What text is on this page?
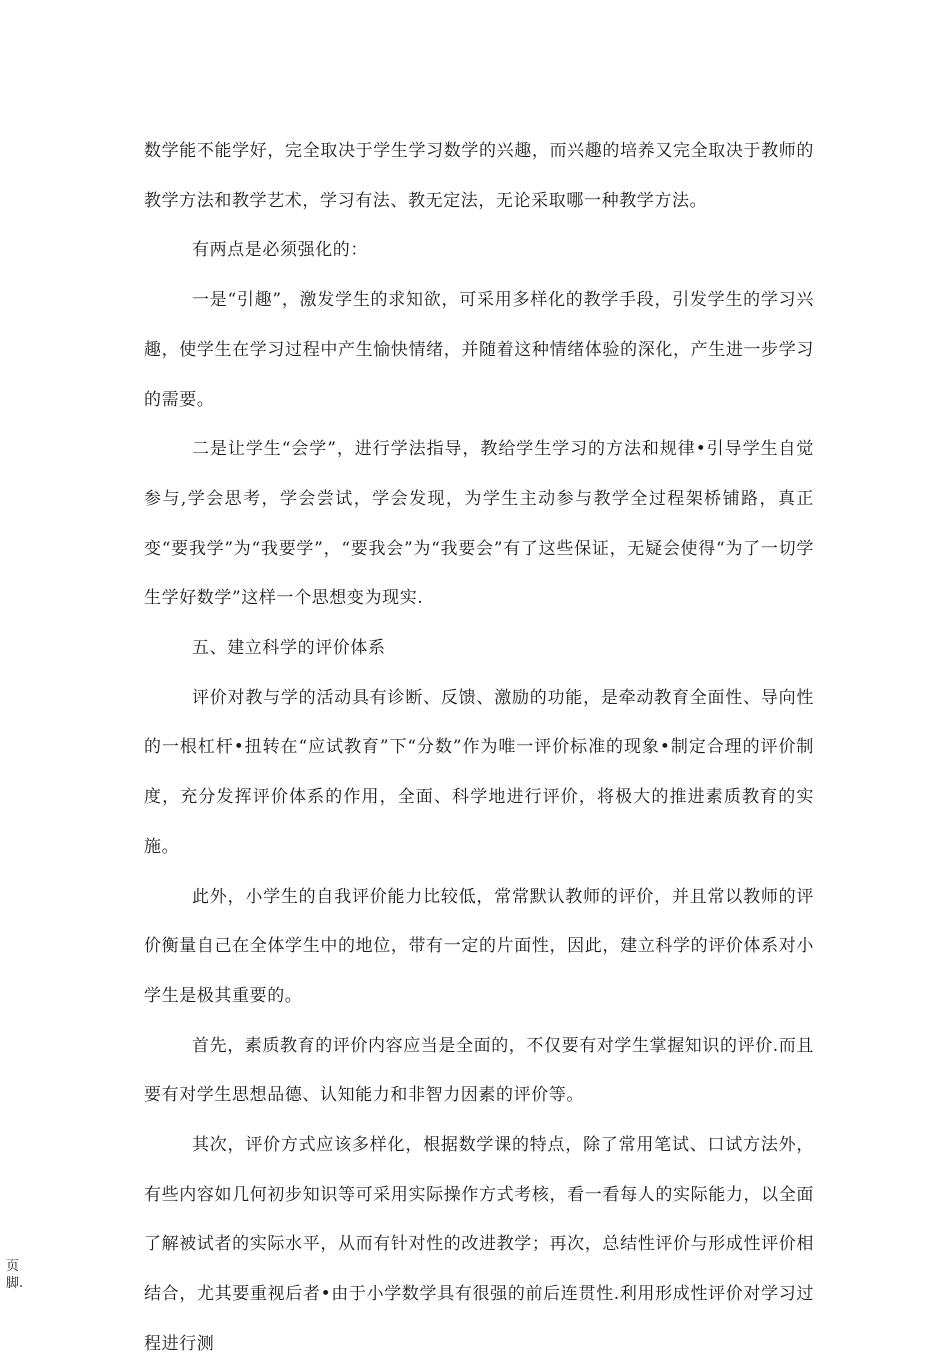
数学能不能学好，完全取决于学生学习数学的兴趣，而兴趣的培养又完全取决于教师的教学方法和教学艺术，学习有法、教无定法，无论采取哪一种教学方法。

有两点是必须强化的：

一是“引趣”，激发学生的求知欲，可采用多样化的教学手段，引发学生的学习兴趣，使学生在学习过程中产生愉快情绪，并随着这种情绪体验的深化，产生进一步学习的需要。

二是让学生“会学”，进行学法指导，教给学生学习的方法和规律•引导学生自觉参与,学会思考，学会尝试，学会发现，为学生主动参与教学全过程架桥铺路，真正变“要我学”为“我要学”，“要我会”为“我要会”有了这些保证，无疑会使得“为了一切学生学好数学”这样一个思想变为现实.

五、建立科学的评价体系

评价对教与学的活动具有诊断、反馈、激励的功能，是牵动教育全面性、导向性的一根杠杆•扭转在“应试教育”下“分数”作为唯一评价标准的现象•制定合理的评价制度，充分发挥评价体系的作用，全面、科学地进行评价，将极大的推进素质教育的实施。

此外，小学生的自我评价能力比较低，常常默认教师的评价，并且常以教师的评价衡量自己在全体学生中的地位，带有一定的片面性，因此，建立科学的评价体系对小学生是极其重要的。

首先，素质教育的评价内容应当是全面的，不仅要有对学生掌握知识的评价.而且要有对学生思想品德、认知能力和非智力因素的评价等。

其次，评价方式应该多样化，根据数学课的特点，除了常用笔试、口试方法外，有些内容如几何初步知识等可采用实际操作方式考核，看一看每人的实际能力，以全面了解被试者的实际水平，从而有针对性的改进教学；再次，总结性评价与形成性评价相结合，尤其要重视后者•由于小学数学具有很强的前后连贯性.利用形成性评价对学习过程进行测

页脚.
